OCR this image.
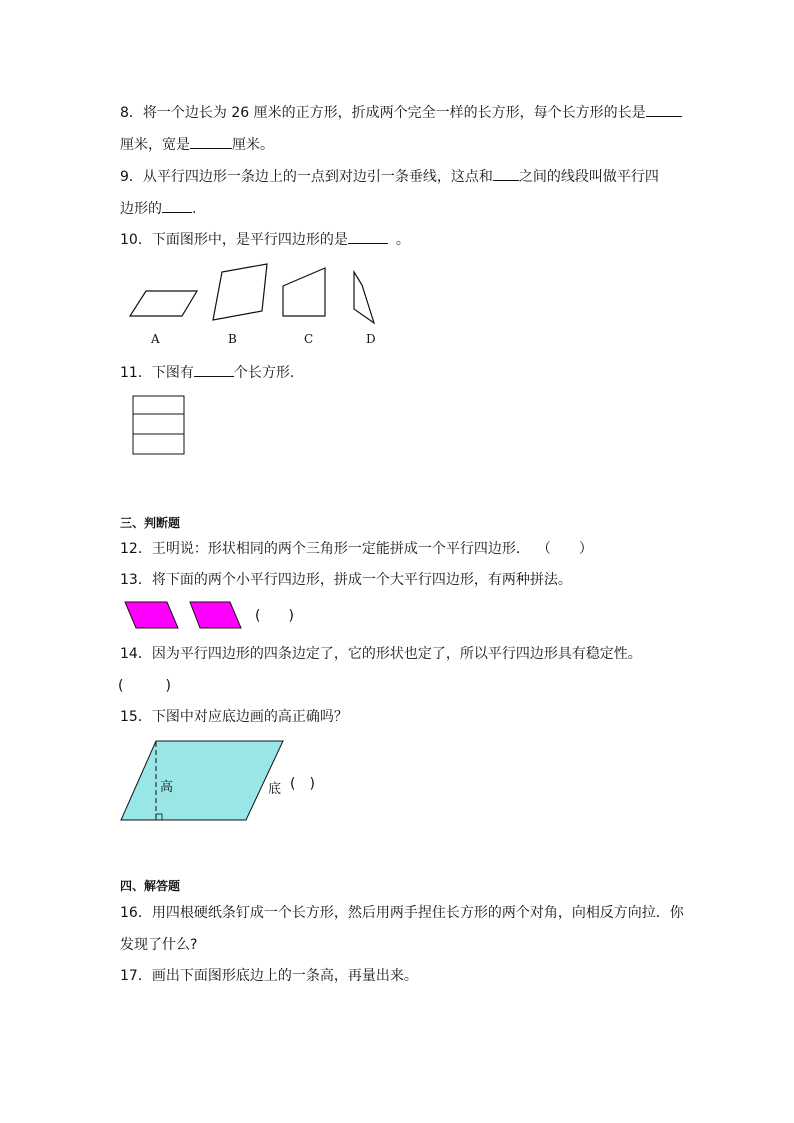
8．将一个边长为 26 厘米的正方形，折成两个完全一样的长方形，每个长方形的长是
厘米，宽是	厘米。
9．从平行四边形一条边上的一点到对边引一条垂线，这点和 之间的线段叫做平行四
边形的 .
10．下面图形中，是平行四边形的是	。
A	B	C	D
11．下图有	个长方形.
三、判断题
12．王明说：形状相同的两个三角形一定能拼成一个平行四边形． （　　）
13．将下面的两个小平行四边形，拼成一个大平行四边形，有两种拼法。
(　　)
14．因为平行四边形的四条边定了，它的形状也定了，所以平行四边形具有稳定性。
(　　　)
15．下图中对应底边画的高正确吗？
高	底 (　)
四、解答题
16．用四根硬纸条钉成一个长方形，然后用两手捏住长方形的两个对角，向相反方向拉．你
发现了什么?
17．画出下面图形底边上的一条高，再量出来。
